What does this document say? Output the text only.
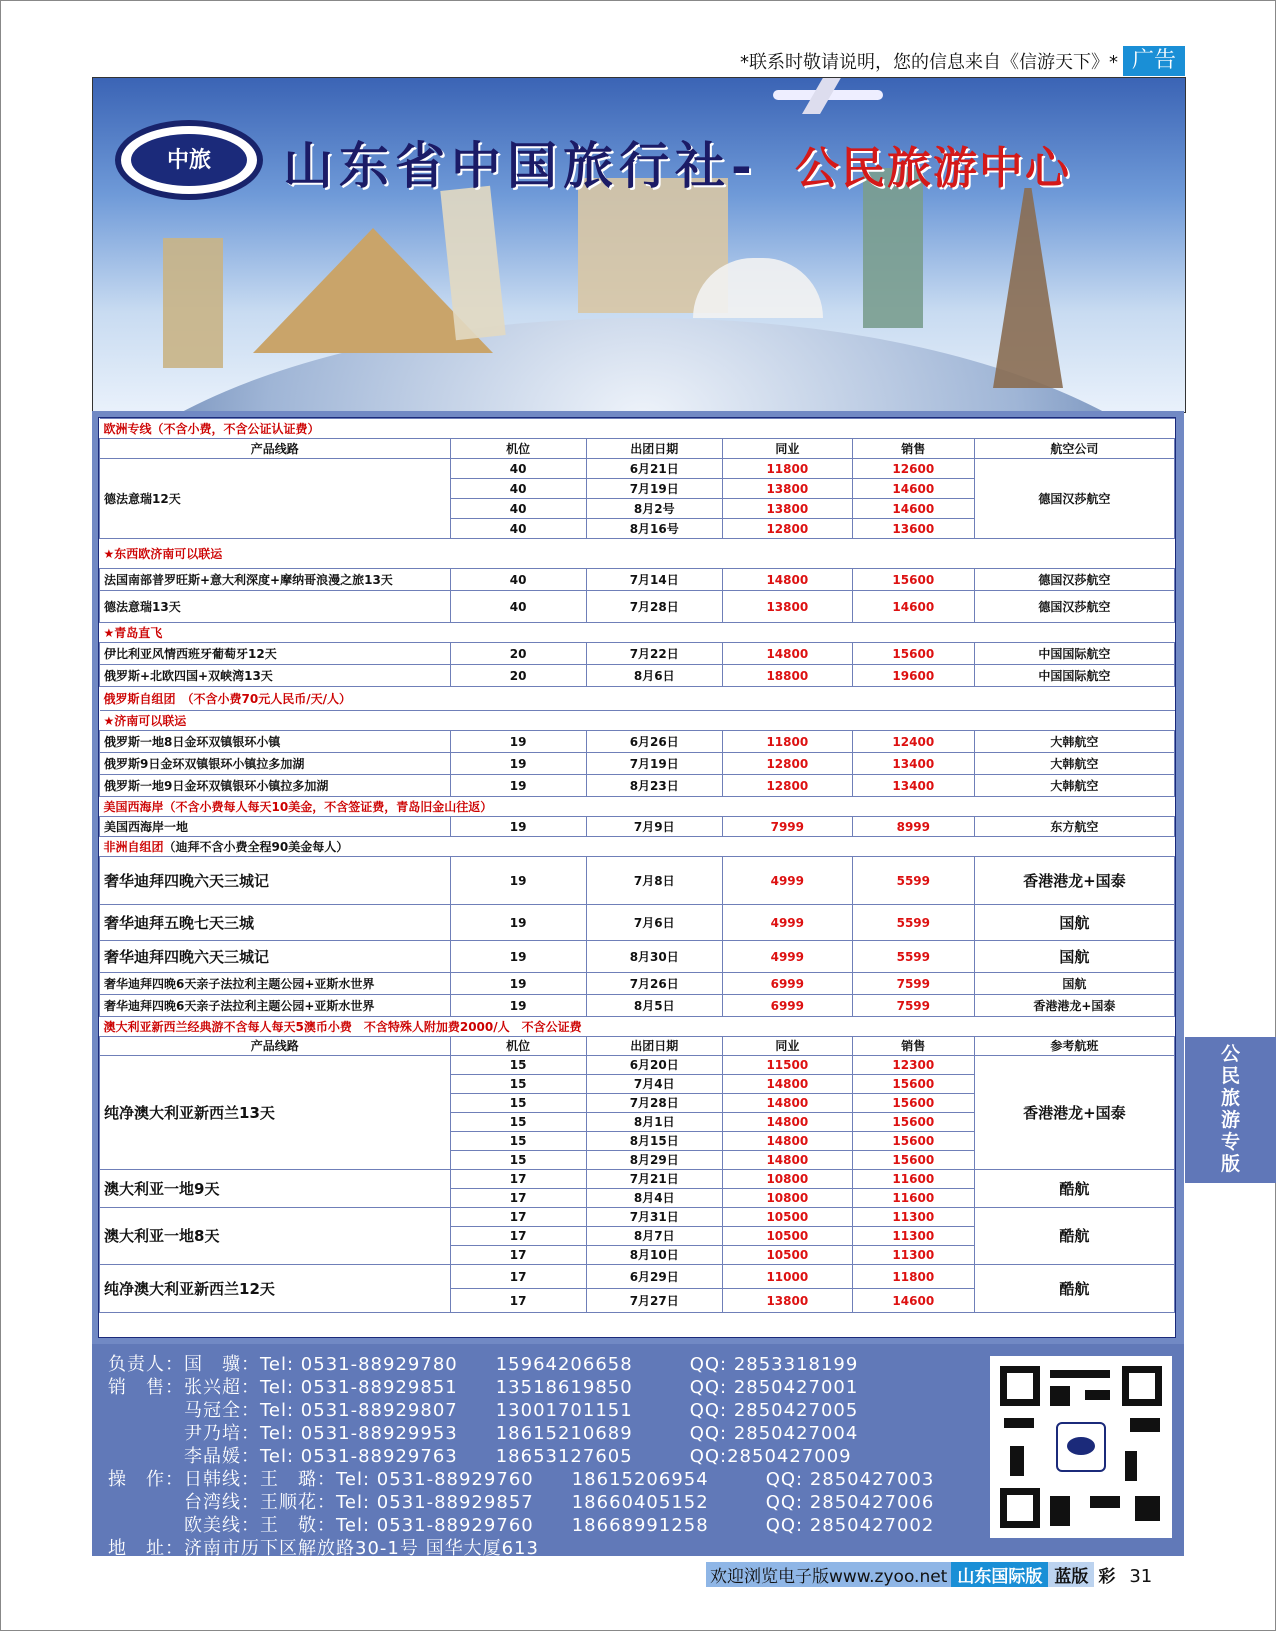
*联系时敬请说明，您的信息来自《信游天下》* 广告
中旅	山东省中国旅行社- 公民旅游中心
欧洲专线（不含小费，不含公证认证费）					
产品线路	机位	出团日期	同业	销售	航空公司
德法意瑞12天	40	6月21日	11800	12600	德国汉莎航空
	40	7月19日	13800	14600	
	40	8月2号	13800	14600	
	40	8月16号	12800	13600	
★东西欧济南可以联运					
法国南部普罗旺斯+意大利深度+摩纳哥浪漫之旅13天	40	7月14日	14800	15600	德国汉莎航空
德法意瑞13天	40	7月28日	13800	14600	德国汉莎航空
★青岛直飞					
伊比利亚风情西班牙葡萄牙12天	20	7月22日	14800	15600	中国国际航空
俄罗斯+北欧四国+双峡湾13天	20	8月6日	18800	19600	中国国际航空
俄罗斯自组团　（不含小费70元人民币/天/人）					
★济南可以联运					
俄罗斯一地8日金环双镇银环小镇	19	6月26日	11800	12400	大韩航空
俄罗斯9日金环双镇银环小镇拉多加湖	19	7月19日	12800	13400	大韩航空
俄罗斯一地9日金环双镇银环小镇拉多加湖	19	8月23日	12800	13400	大韩航空
美国西海岸（不含小费每人每天10美金，不含签证费，青岛旧金山往返）					
美国西海岸一地	19	7月9日	7999	8999	东方航空
非洲自组团（迪拜不含小费全程90美金每人）					
奢华迪拜四晚六天三城记	19	7月8日	4999	5599	香港港龙+国泰
奢华迪拜五晚七天三城	19	7月6日	4999	5599	国航
奢华迪拜四晚六天三城记	19	8月30日	4999	5599	国航
奢华迪拜四晚6天亲子法拉利主题公园+亚斯水世界	19	7月26日	6999	7599	国航
奢华迪拜四晚6天亲子法拉利主题公园+亚斯水世界	19	8月5日	6999	7599	香港港龙+国泰
澳大利亚新西兰经典游不含每人每天5澳币小费　不含特殊人附加费2000/人　不含公证费					
产品线路	机位	出团日期	同业	销售	参考航班
纯净澳大利亚新西兰13天	15	6月20日	11500	12300	香港港龙+国泰
	15	7月4日	14800	15600	
	15	7月28日	14800	15600	
	15	8月1日	14800	15600	
	15	8月15日	14800	15600	
	15	8月29日	14800	15600	
澳大利亚一地9天	17	7月21日	10800	11600	酷航
	17	8月4日	10800	11600	
澳大利亚一地8天	17	7月31日	10500	11300	酷航
	17	8月7日	10500	11300	
	17	8月10日	10500	11300	
纯净澳大利亚新西兰12天	17	6月29日	11000	11800	酷航
	17	7月27日	13800	14600	
公
民
旅
游
专
版
负责人：国　骥：Tel: 0531-88929780　　15964206658　　　QQ: 2853318199
销　售：张兴超：Tel: 0531-88929851　　13518619850　　　QQ: 2850427001
　　　　马冠全：Tel: 0531-88929807　　13001701151　　　QQ: 2850427005
　　　　尹乃培：Tel: 0531-88929953　　18615210689　　　QQ: 2850427004
　　　　李晶媛：Tel: 0531-88929763　　18653127605　　　QQ:2850427009
操　作：日韩线：王　璐：Tel: 0531-88929760　　18615206954　　　QQ: 2850427003
　　　　台湾线：王顺花：Tel: 0531-88929857　　18660405152　　　QQ: 2850427006
　　　　欧美线：王　敬：Tel: 0531-88929760　　18668991258　　　QQ: 2850427002
地　址：济南市历下区解放路30-1号 国华大厦613
欢迎浏览电子版www.zyoo.net 山东国际版 蓝版 彩 31
